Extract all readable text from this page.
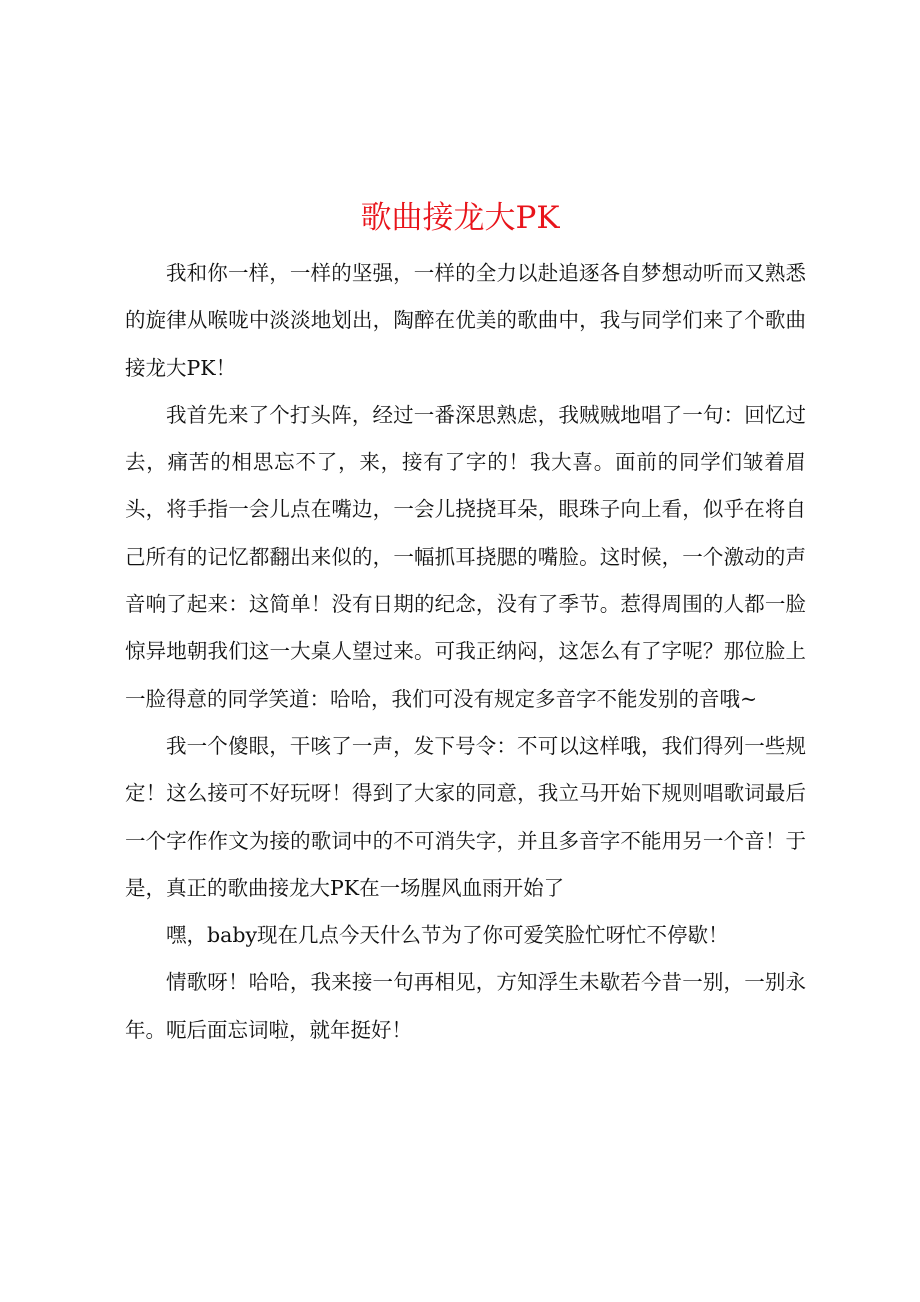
歌曲接龙大PK

我和你一样，一样的坚强，一样的全力以赴追逐各自梦想动听而又熟悉的旋律从喉咙中淡淡地划出，陶醉在优美的歌曲中，我与同学们来了个歌曲接龙大PK！

我首先来了个打头阵，经过一番深思熟虑，我贼贼地唱了一句：回忆过去，痛苦的相思忘不了，来，接有了字的！我大喜。面前的同学们皱着眉头，将手指一会儿点在嘴边，一会儿挠挠耳朵，眼珠子向上看，似乎在将自己所有的记忆都翻出来似的，一幅抓耳挠腮的嘴脸。这时候，一个激动的声音响了起来：这简单！没有日期的纪念，没有了季节。惹得周围的人都一脸惊异地朝我们这一大桌人望过来。可我正纳闷，这怎么有了字呢？那位脸上一脸得意的同学笑道：哈哈，我们可没有规定多音字不能发别的音哦~

我一个傻眼，干咳了一声，发下号令：不可以这样哦，我们得列一些规定！这么接可不好玩呀！得到了大家的同意，我立马开始下规则唱歌词最后一个字作作文为接的歌词中的不可消失字，并且多音字不能用另一个音！于是，真正的歌曲接龙大PK在一场腥风血雨开始了

嘿，baby现在几点今天什么节为了你可爱笑脸忙呀忙不停歇！

情歌呀！哈哈，我来接一句再相见，方知浮生未歇若今昔一别，一别永年。呃后面忘词啦，就年挺好！
